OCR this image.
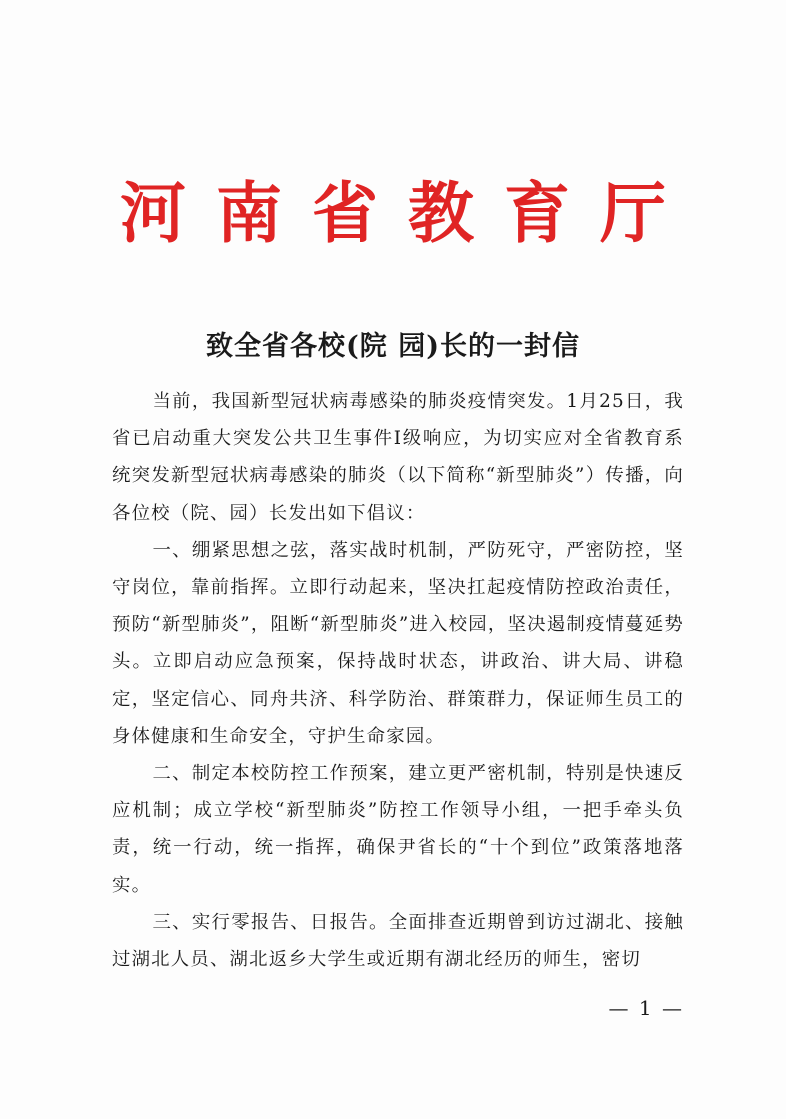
河南省教育厅
致全省各校(院 园)长的一封信

当前，我国新型冠状病毒感染的肺炎疫情突发。1月25日，我省已启动重大突发公共卫生事件Ⅰ级响应，为切实应对全省教育系统突发新型冠状病毒感染的肺炎（以下简称“新型肺炎”）传播，向各位校（院、园）长发出如下倡议：

一、绷紧思想之弦，落实战时机制，严防死守，严密防控，坚守岗位，靠前指挥。立即行动起来，坚决扛起疫情防控政治责任，预防“新型肺炎”，阻断“新型肺炎”进入校园，坚决遏制疫情蔓延势头。立即启动应急预案，保持战时状态，讲政治、讲大局、讲稳定，坚定信心、同舟共济、科学防治、群策群力，保证师生员工的身体健康和生命安全，守护生命家园。

二、制定本校防控工作预案，建立更严密机制，特别是快速反应机制；成立学校“新型肺炎”防控工作领导小组，一把手牵头负责，统一行动，统一指挥，确保尹省长的“十个到位”政策落地落实。

三、实行零报告、日报告。全面排查近期曾到访过湖北、接触过湖北人员、湖北返乡大学生或近期有湖北经历的师生，密切

— 1 —
